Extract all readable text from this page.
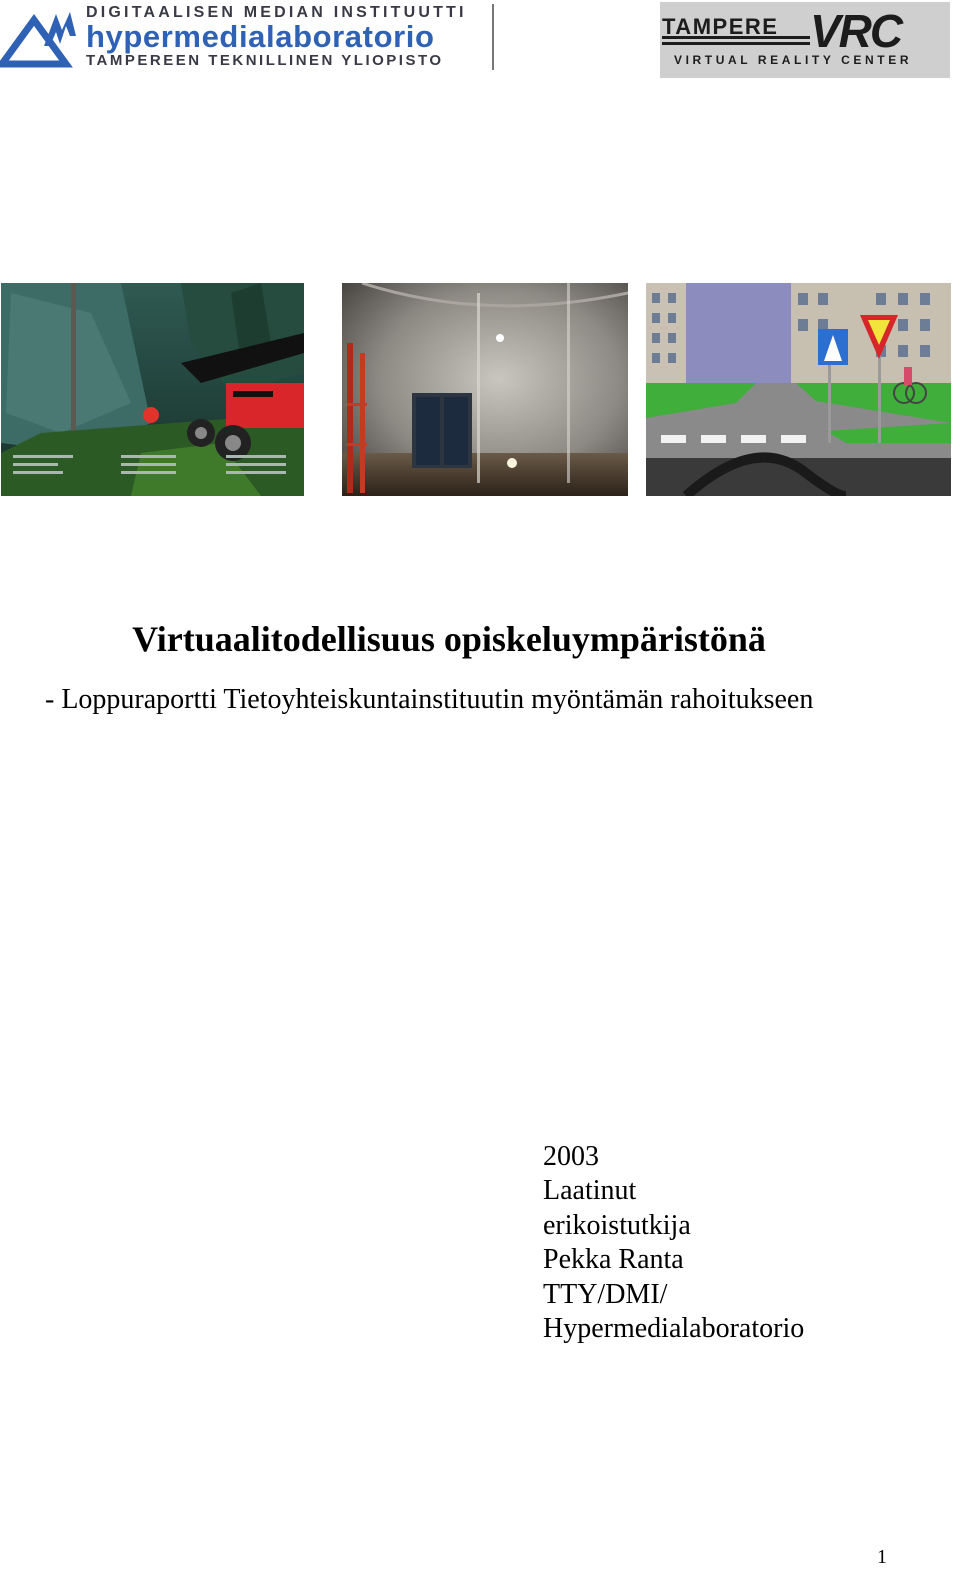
DIGITAALISEN MEDIAN INSTITUUTTI
hypermedialaboratorio
TAMPEREEN TEKNILLINEN YLIOPISTO
TAMPERE VRC
VIRTUAL REALITY CENTER
Virtuaalitodellisuus opiskeluympäristönä

- Loppuraportti Tietoyhteiskuntainstituutin myöntämän rahoitukseen

2003
Laatinut
erikoistutkija
Pekka Ranta
TTY/DMI/
Hypermedialaboratorio
1
